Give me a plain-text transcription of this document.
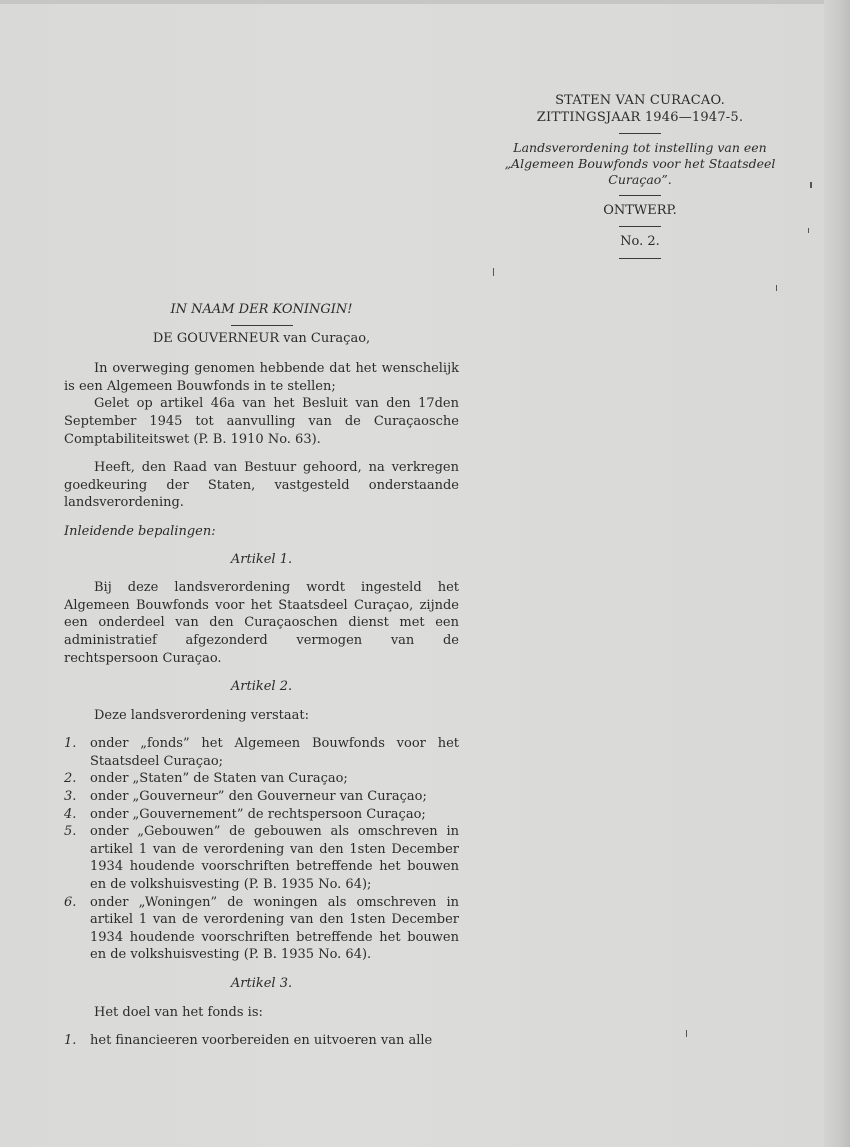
STATEN VAN CURACAO.
ZITTINGSJAAR 1946—1947-5.
Landsverordening tot instelling van een „Algemeen Bouwfonds voor het Staatsdeel Curaçao”.
ONTWERP.
No. 2.
IN NAAM DER KONINGIN!
DE GOUVERNEUR van Curaçao,
In overweging genomen hebbende dat het wenschelijk is een Algemeen Bouwfonds in te stellen;
Gelet op artikel 46a van het Besluit van den 17den September 1945 tot aanvulling van de Curaçaosche Comptabiliteitswet (P. B. 1910 No. 63).
Heeft, den Raad van Bestuur gehoord, na verkregen goedkeuring der Staten, vastgesteld onderstaande landsverordening.
Inleidende bepalingen:
Artikel 1.
Bij deze landsverordening wordt ingesteld het Algemeen Bouwfonds voor het Staatsdeel Curaçao, zijnde een onderdeel van den Curaçaoschen dienst met een administratief afgezonderd vermogen van de rechtspersoon Curaçao.
Artikel 2.
Deze landsverordening verstaat:
1. onder „fonds” het Algemeen Bouwfonds voor het Staatsdeel Curaçao;
2. onder „Staten” de Staten van Curaçao;
3. onder „Gouverneur” den Gouverneur van Curaçao;
4. onder „Gouvernement” de rechtspersoon Curaçao;
5. onder „Gebouwen” de gebouwen als omschreven in artikel 1 van de verordening van den 1sten December 1934 houdende voorschriften betreffende het bouwen en de volkshuisvesting (P. B. 1935 No. 64);
6. onder „Woningen” de woningen als omschreven in artikel 1 van de verordening van den 1sten December 1934 houdende voorschriften betreffende het bouwen en de volkshuisvesting (P. B. 1935 No. 64).
Artikel 3.
Het doel van het fonds is:
1. het financieeren voorbereiden en uitvoeren van alle
